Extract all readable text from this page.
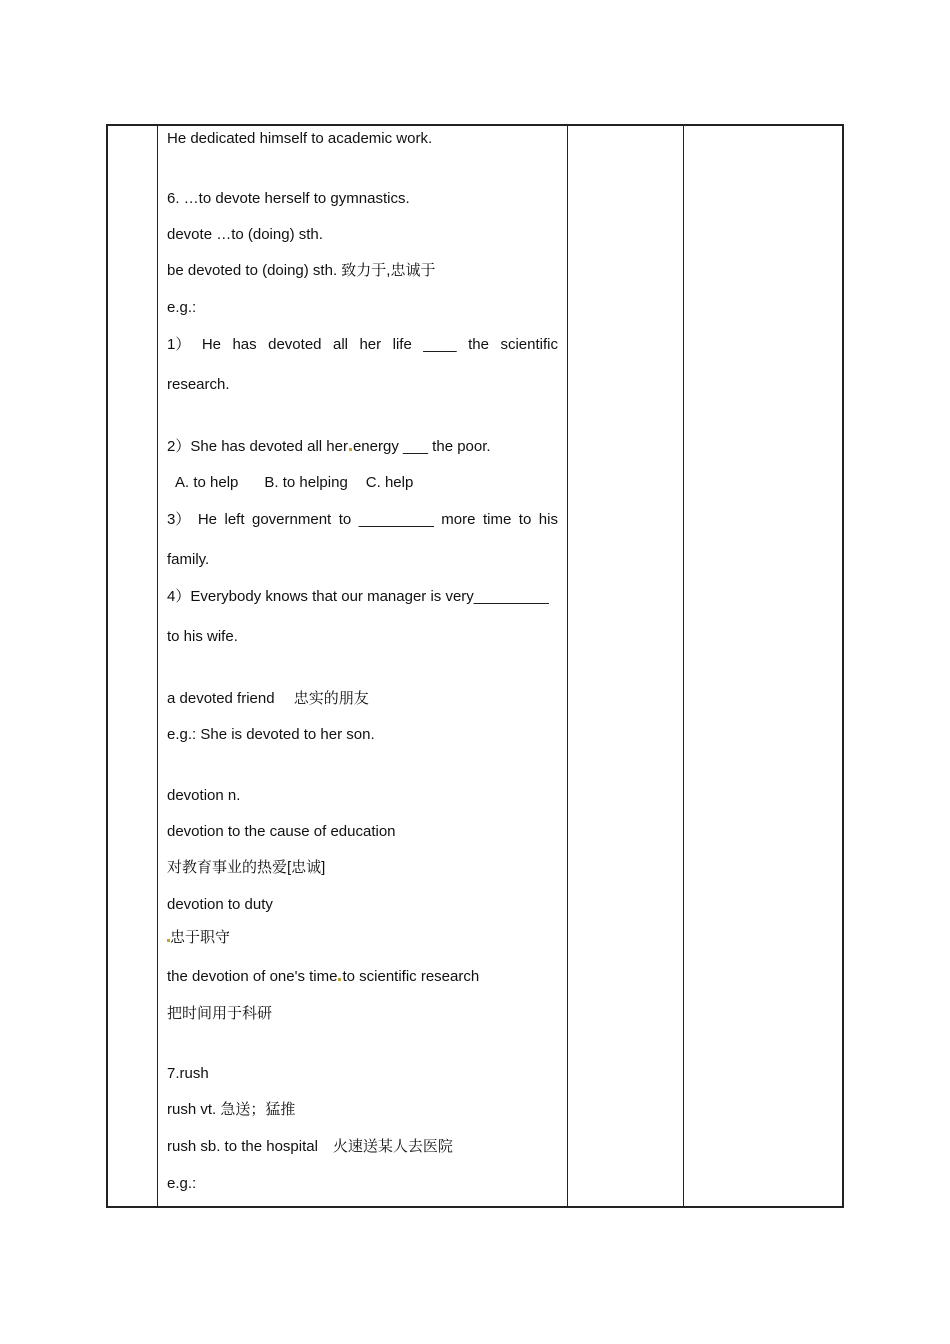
He dedicated himself to academic work.
6. …to devote herself to gymnastics.
devote …to (doing) sth.
be devoted to (doing) sth. 致力于,忠诚于
e.g.:
1） He has devoted all her life ____ the scientific
research.
2）She has devoted all her energy ___ the poor.
A. to help B. to helping C. help
3） He left government to _________ more time to his
family.
4）Everybody knows that our manager is very_________
to his wife.
a devoted friend　 忠实的朋友
e.g.: She is devoted to her son.
devotion n.
devotion to the cause of education
对教育事业的热爱[忠诚]
devotion to duty
忠于职守
the devotion of one's time to scientific research
把时间用于科研
7.rush
rush vt. 急送；猛推
rush sb. to the hospital　火速送某人去医院
e.g.:
